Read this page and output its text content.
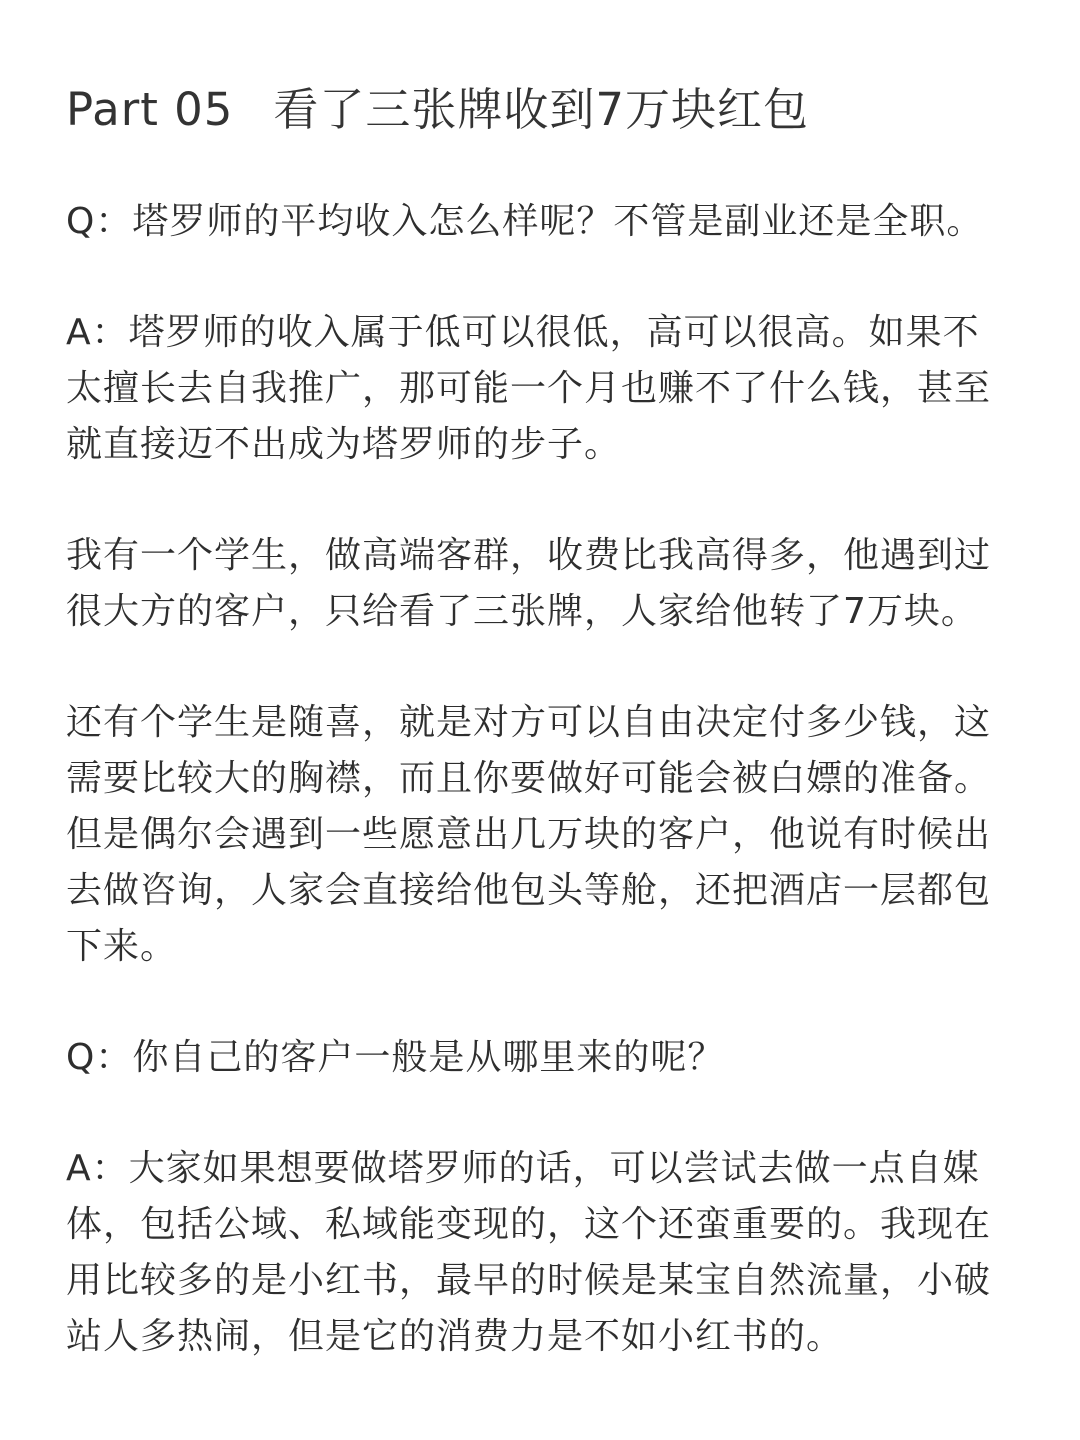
Part 05 看了三张牌收到7万块红包

Q：塔罗师的平均收入怎么样呢？不管是副业还是全职。

A：塔罗师的收入属于低可以很低，高可以很高。如果不太擅长去自我推广，那可能一个月也赚不了什么钱，甚至就直接迈不出成为塔罗师的步子。

我有一个学生，做高端客群，收费比我高得多，他遇到过很大方的客户，只给看了三张牌，人家给他转了7万块。

还有个学生是随喜，就是对方可以自由决定付多少钱，这需要比较大的胸襟，而且你要做好可能会被白嫖的准备。但是偶尔会遇到一些愿意出几万块的客户，他说有时候出去做咨询，人家会直接给他包头等舱，还把酒店一层都包下来。

Q：你自己的客户一般是从哪里来的呢？

A：大家如果想要做塔罗师的话，可以尝试去做一点自媒体，包括公域、私域能变现的，这个还蛮重要的。我现在用比较多的是小红书，最早的时候是某宝自然流量，小破站人多热闹，但是它的消费力是不如小红书的。
